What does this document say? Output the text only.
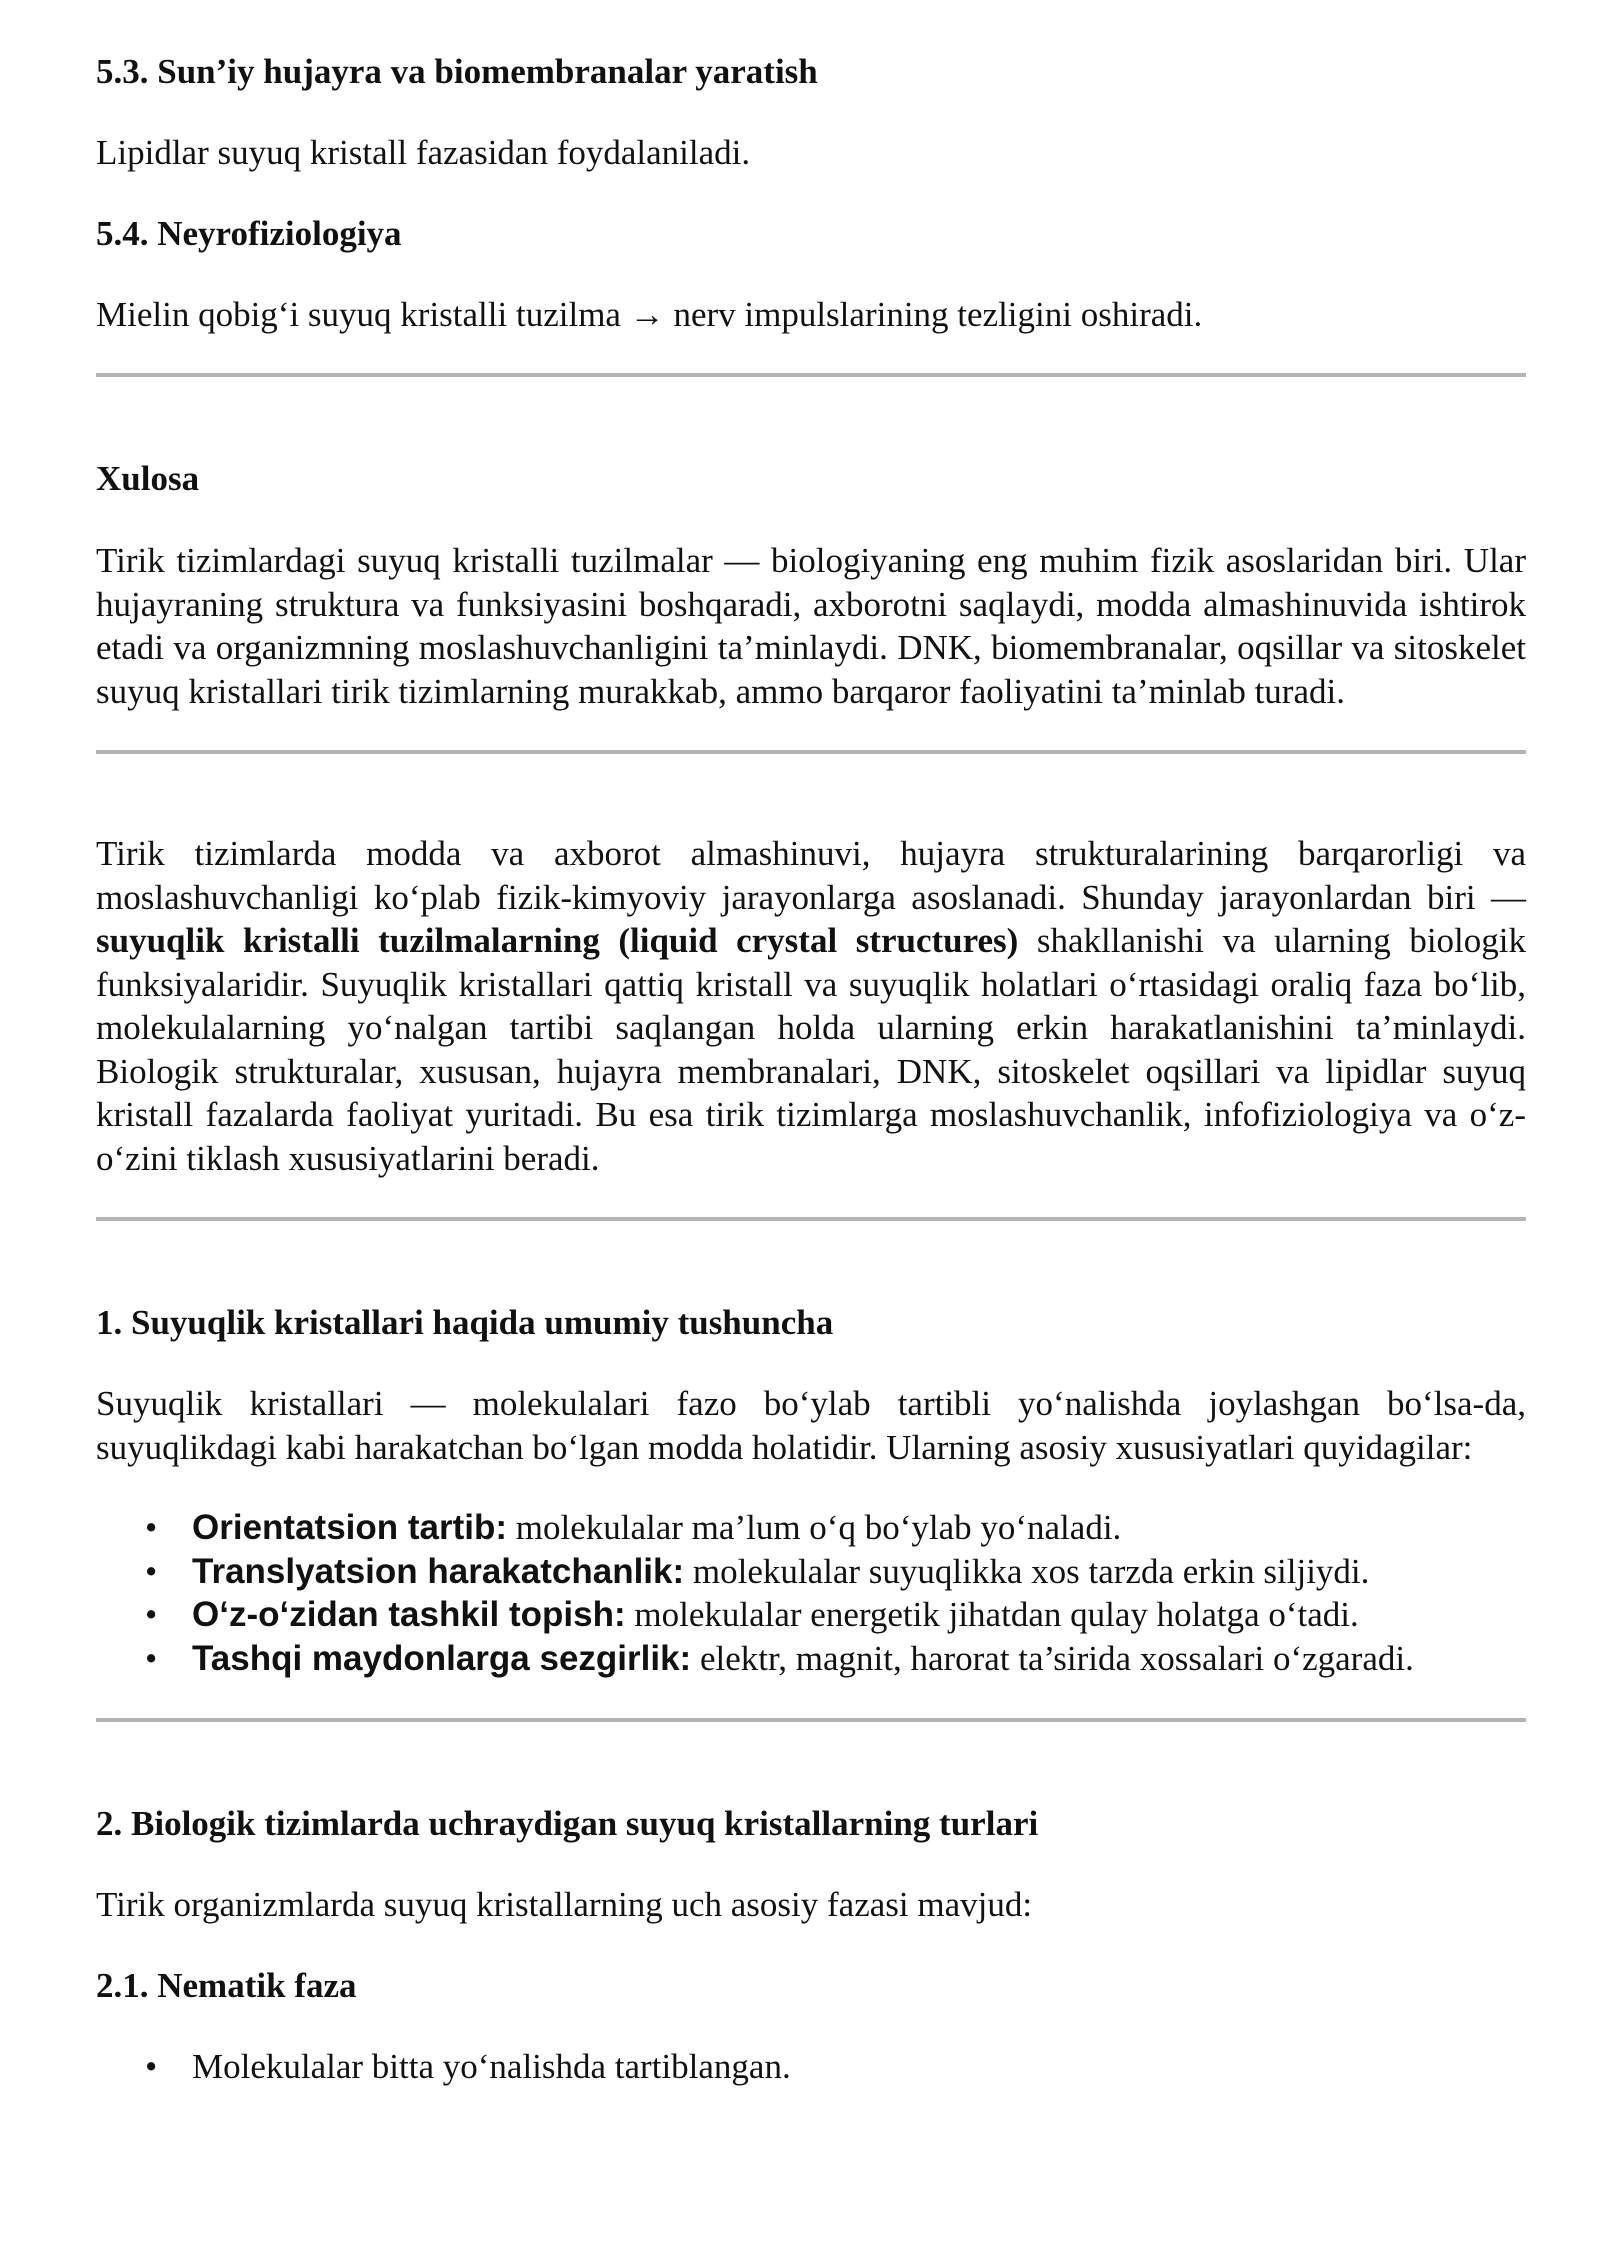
5.3. Sun’iy hujayra va biomembranalar yaratish

Lipidlar suyuq kristall fazasidan foydalaniladi.

5.4. Neyrofiziologiya

Mielin qobig‘i suyuq kristalli tuzilma → nerv impulslarining tezligini oshiradi.

Xulosa

Tirik tizimlardagi suyuq kristalli tuzilmalar — biologiyaning eng muhim fizik asoslaridan biri. Ular hujayraning struktura va funksiyasini boshqaradi, axborotni saqlaydi, modda almashinuvida ishtirok etadi va organizmning moslashuvchanligini ta’minlaydi. DNK, biomembranalar, oqsillar va sitoskelet suyuq kristallari tirik tizimlarning murakkab, ammo barqaror faoliyatini ta’minlab turadi.

Tirik tizimlarda modda va axborot almashinuvi, hujayra strukturalarining barqarorligi va moslashuvchanligi ko‘plab fizik-kimyoviy jarayonlarga asoslanadi. Shunday jarayonlardan biri — suyuqlik kristalli tuzilmalarning (liquid crystal structures) shakllanishi va ularning biologik funksiyalaridir. Suyuqlik kristallari qattiq kristall va suyuqlik holatlari o‘rtasidagi oraliq faza bo‘lib, molekulalarning yo‘nalgan tartibi saqlangan holda ularning erkin harakatlanishini ta’minlaydi. Biologik strukturalar, xususan, hujayra membranalari, DNK, sitoskelet oqsillari va lipidlar suyuq kristall fazalarda faoliyat yuritadi. Bu esa tirik tizimlarga moslashuvchanlik, infofiziologiya va o‘z-o‘zini tiklash xususiyatlarini beradi.

1. Suyuqlik kristallari haqida umumiy tushuncha

Suyuqlik kristallari — molekulalari fazo bo‘ylab tartibli yo‘nalishda joylashgan bo‘lsa-da, suyuqlikdagi kabi harakatchan bo‘lgan modda holatidir. Ularning asosiy xususiyatlari quyidagilar:

• Orientatsion tartib: molekulalar ma’lum o‘q bo‘ylab yo‘naladi.
• Translyatsion harakatchanlik: molekulalar suyuqlikka xos tarzda erkin siljiydi.
• O‘z-o‘zidan tashkil topish: molekulalar energetik jihatdan qulay holatga o‘tadi.
• Tashqi maydonlarga sezgirlik: elektr, magnit, harorat ta’sirida xossalari o‘zgaradi.
2. Biologik tizimlarda uchraydigan suyuq kristallarning turlari

Tirik organizmlarda suyuq kristallarning uch asosiy fazasi mavjud:

2.1. Nematik faza
• Molekulalar bitta yo‘nalishda tartiblangan.
